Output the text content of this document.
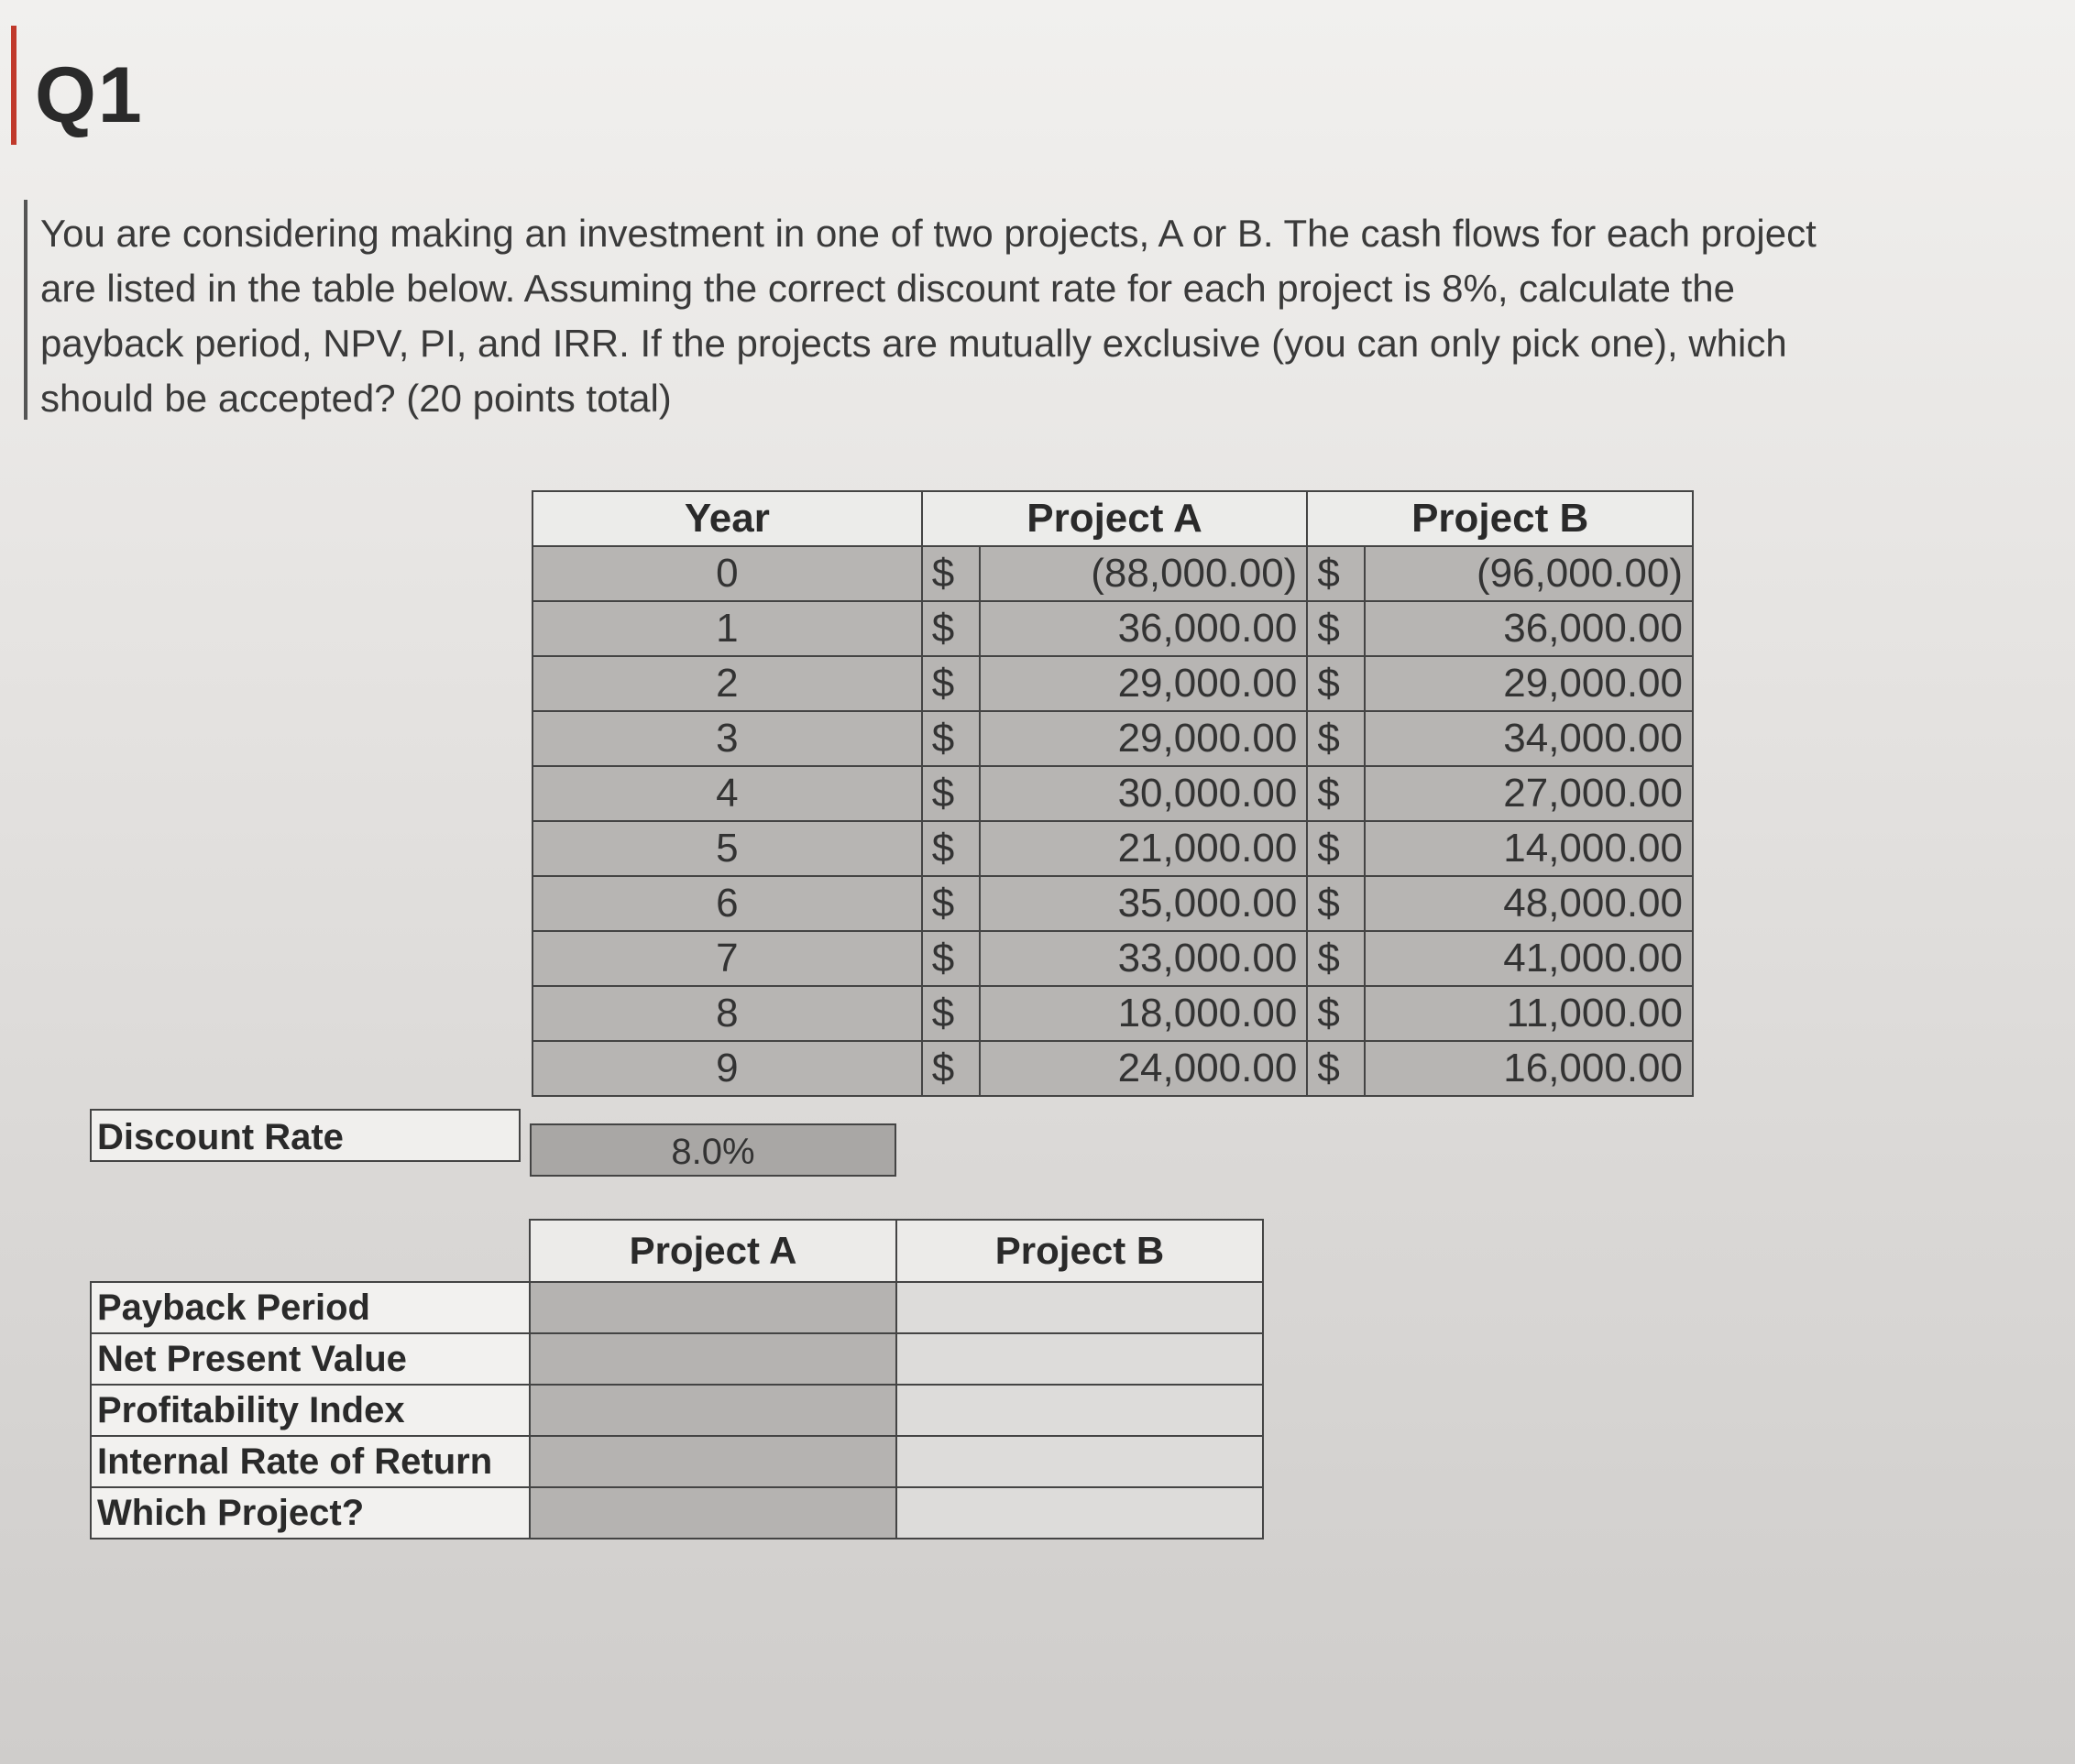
Q1
You are considering making an investment in one of two projects, A or B. The cash flows for each project are listed in the table below. Assuming the correct discount rate for each project is 8%, calculate the payback period, NPV, PI, and IRR. If the projects are mutually exclusive (you can only pick one), which should be accepted? (20 points total)
Year	Project A		Project B	
0	$	(88,000.00)	$	(96,000.00)
1	$	36,000.00	$	36,000.00
2	$	29,000.00	$	29,000.00
3	$	29,000.00	$	34,000.00
4	$	30,000.00	$	27,000.00
5	$	21,000.00	$	14,000.00
6	$	35,000.00	$	48,000.00
7	$	33,000.00	$	41,000.00
8	$	18,000.00	$	11,000.00
9	$	24,000.00	$	16,000.00
Discount Rate	8.0%
	Project A	Project B
Payback Period		
Net Present Value		
Profitability Index		
Internal Rate of Return		
Which Project?		
